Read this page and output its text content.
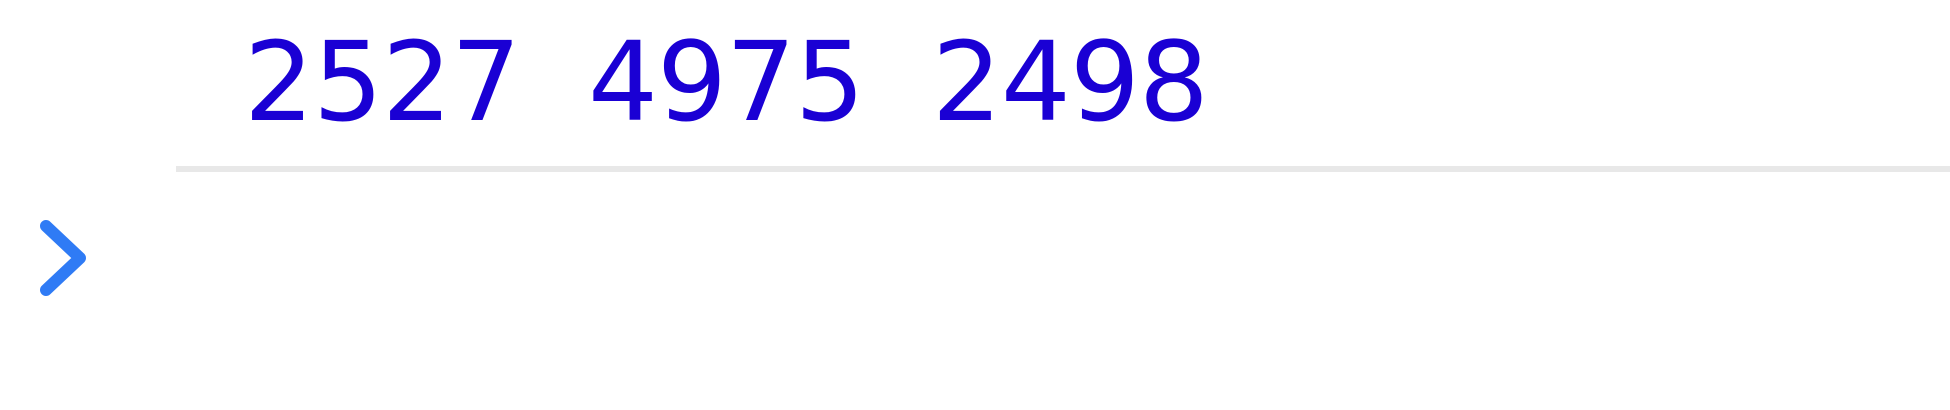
2527 4975 2498
